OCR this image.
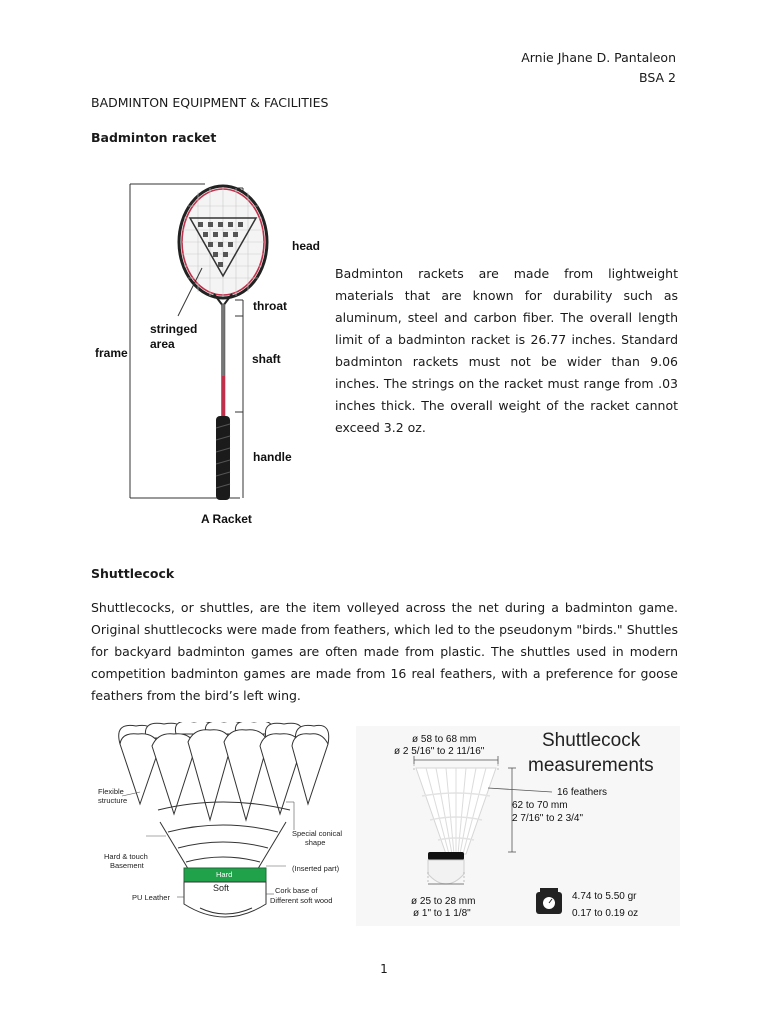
Arnie Jhane D. Pantaleon
BSA 2
BADMINTON EQUIPMENT & FACILITIES
Badminton racket
head
throat
stringed
area
frame	shaft
handle
A Racket
Badminton rackets are made from lightweight materials that are known for durability such as aluminum, steel and carbon fiber. The overall length limit of a badminton racket is 26.77 inches. Standard badminton rackets must not be wider than 9.06 inches. The strings on the racket must range from .03 inches thick. The overall weight of the racket cannot exceed 3.2 oz.
Shuttlecock
Shuttlecocks, or shuttles, are the item volleyed across the net during a badminton game. Original shuttlecocks were made from feathers, which led to the pseudonym "birds." Shuttles for backyard badminton games are often made from plastic. The shuttles used in modern competition badminton games are made from 16 real feathers, with a preference for goose feathers from the bird’s left wing.
Flexible
structure
Special conical
shape
Hard & touch
Basement	(Inserted part)
Hard
Soft
PU Leather
Cork base of
Different soft wood
ø 58 to 68 mm
ø 2 5/16" to 2 11/16"
Shuttlecock
measurements
16 feathers
62 to 70 mm
2 7/16" to 2 3/4"
ø 25 to 28 mm
ø 1" to 1 1/8"
4.74 to 5.50 gr
0.17 to 0.19 oz
1
